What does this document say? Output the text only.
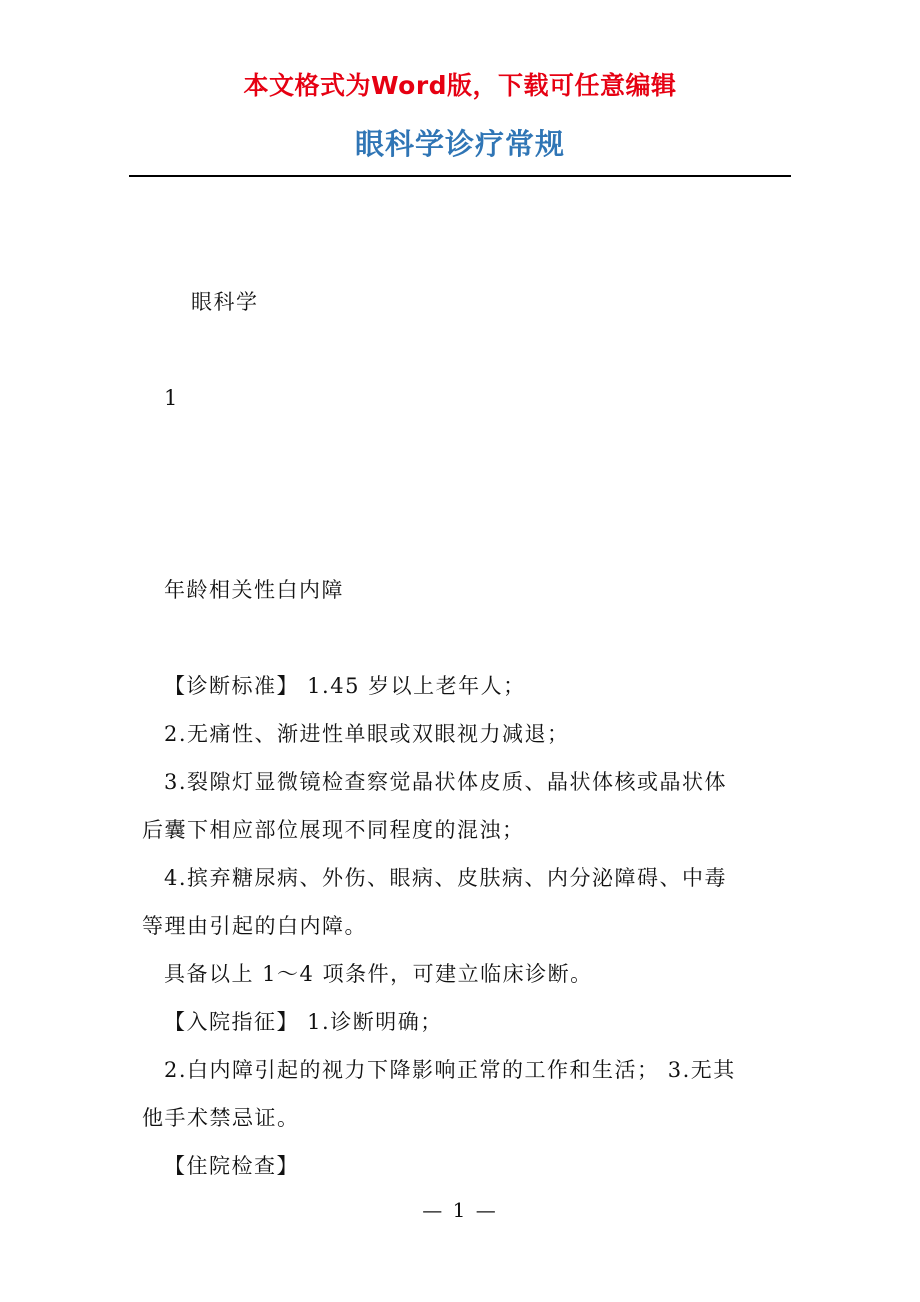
本文格式为Word版，下载可任意编辑
眼科学诊疗常规
眼科学
1
年龄相关性白内障
【诊断标准】 1.45 岁以上老年人；
2.无痛性、渐进性单眼或双眼视力减退；
3.裂隙灯显微镜检查察觉晶状体皮质、晶状体核或晶状体
后囊下相应部位展现不同程度的混浊；
4.摈弃糖尿病、外伤、眼病、皮肤病、内分泌障碍、中毒
等理由引起的白内障。
具备以上 1～4 项条件，可建立临床诊断。
【入院指征】 1.诊断明确；
2.白内障引起的视力下降影响正常的工作和生活； 3.无其
他手术禁忌证。
【住院检查】
— 1 —
